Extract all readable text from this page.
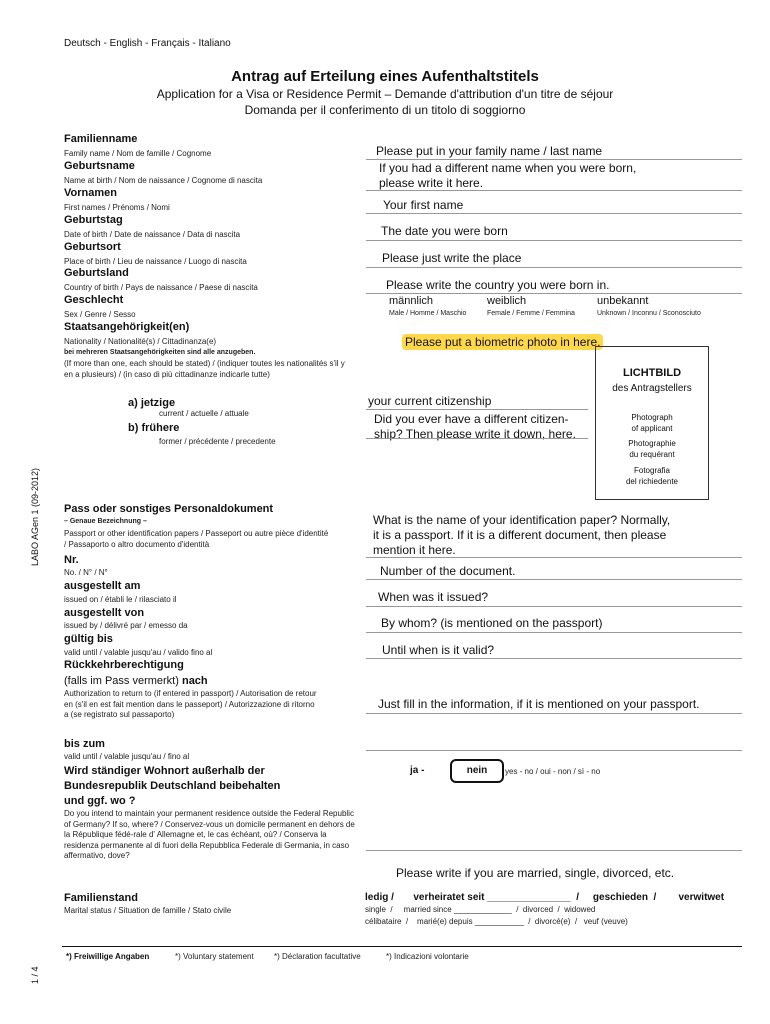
Deutsch - English - Français - Italiano
Antrag auf Erteilung eines Aufenthaltstitels
Application for a Visa or Residence Permit – Demande d'attribution d'un titre de séjour
Domanda per il conferimento di un titolo di soggiorno
LABO AGen 1 (09-2012)
1 / 4
Familienname
Family name / Nom de famille / Cognome	Please put in your family name / last name
Geburtsname
Name at birth / Nom de naissance / Cognome di nascita
If you had a different name when you were born,
please write it here.
Vornamen
First names / Prénoms / Nomi	Your first name
Geburtstag
Date of birth / Date de naissance / Data di nascita	The date you were born
Geburtsort
Place of birth / Lieu de naissance / Luogo di nascita	Please just write the place
Geburtsland
Country of birth / Pays de naissance / Paese di nascita	Please write the country you were born in.
Geschlecht
Sex / Genre / Sesso
männlich
Male / Homme / Maschio
weiblich
Female / Femme / Femmina
unbekannt
Unknown / Inconnu / Sconosciuto
Staatsangehörigkeit(en)
Nationality / Nationalité(s) / Cittadinanza(e)
bei mehreren Staatsangehörigkeiten sind alle anzugeben.
(If more than one, each should be stated) / (indiquer toutes les nationalités s'il y en a plusieurs) / (in caso di più cittadinanze indicarle tutte)
a) jetzige
current / actuelle / attuale
your current citizenship
b) frühere
former / précédente / precedente
Did you ever have a different citizen-
ship? Then please write it down, here.
Please put a biometric photo in here.
LICHTBILD
des Antragstellers
Photograph
of applicant
Photographie
du requérant
Fotografia
del richiedente
Pass oder sonstiges Personaldokument
– Genaue Bezeichnung –
Passport or other identification papers / Passeport ou autre pièce d'identité / Passaporto o altro documento d'identità
What is the name of your identification paper? Normally,
it is a passport. If it is a different document, then please
mention it here.
Nr.
No. / N° / N°	Number of the document.
ausgestellt am
issued on / établi le / rilasciato il	When was it issued?
ausgestellt von
issued by / délivré par / emesso da	By whom? (is mentioned on the passport)
gültig bis
valid until / valable jusqu'au / valido fino al	Until when is it valid?
Rückkehrberechtigung
(falls im Pass vermerkt) nach
Authorization to return to (if entered in passport) / Autorisation de retour en (s'il en est fait mention dans le passeport) / Autorizzazione di ritorno a (se registrato sul passaporto)
Just fill in the information, if it is mentioned on your passport.
bis zum
valid until / valable jusqu'au / fino al
Wird ständiger Wohnort außerhalb der
Bundesrepublik Deutschland beibehalten
und ggf. wo ?
Do you intend to maintain your permanent residence outside the Federal Republic of Germany? If so, where? / Conservez-vous un domicile permanent en dehors de la République fédé-rale d' Allemagne et, le cas échéant, où? / Conserva la residenza permanente al di fuori della Repubblica Federale di Germania, in caso affermativo, dove?
ja -	nein	yes - no / oui - non / sì - no
Please write if you are married, single, divorced, etc.
Familienstand
Marital status / Situation de famille / Stato civile
ledig /       verheiratet seit _______________  /     geschieden  /        verwitwet
single  /     married since _____________  /  divorced  /  widowed
célibataire  /    marié(e) depuis ___________  /  divorcé(e)  /   veuf (veuve)
*) Freiwillige Angaben	*) Voluntary statement	*) Déclaration facultative	*) Indicazioni volontarie
